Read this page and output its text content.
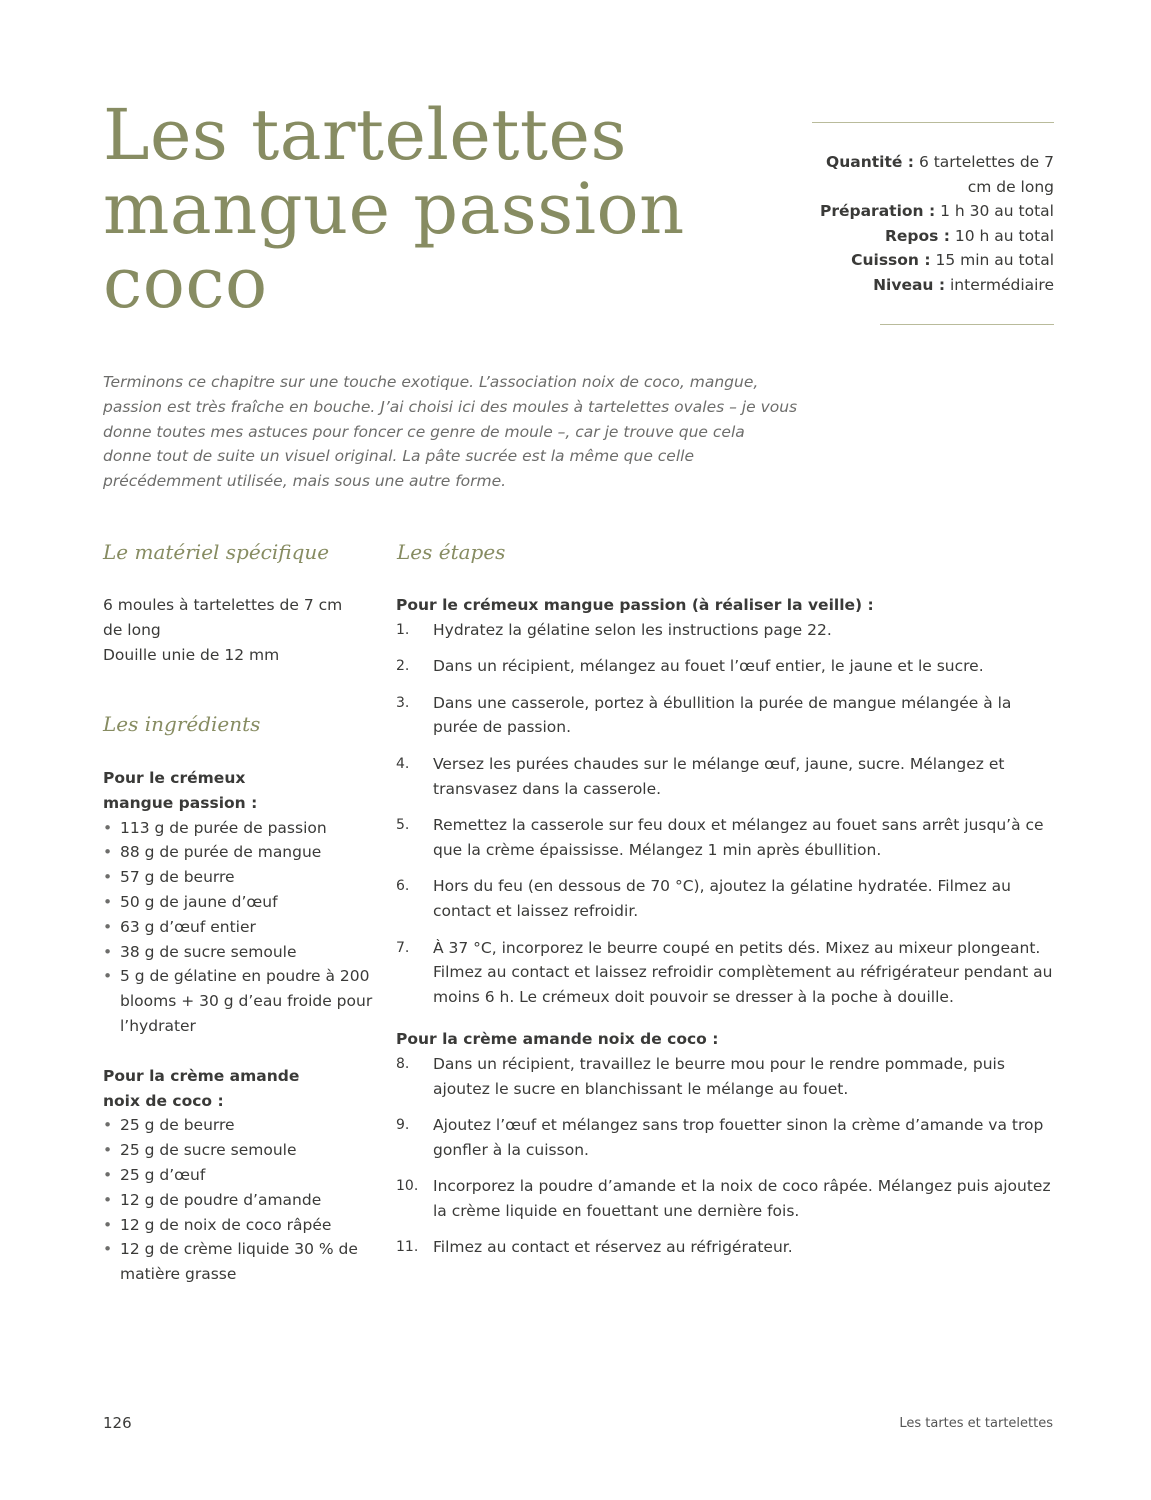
Les tartelettes
mangue passion
coco
Quantité : 6 tartelettes de 7 cm de long
Préparation : 1 h 30 au total
Repos : 10 h au total
Cuisson : 15 min au total
Niveau : intermédiaire

Terminons ce chapitre sur une touche exotique. L’association noix de coco, mangue, passion est très fraîche en bouche. J’ai choisi ici des moules à tartelettes ovales – je vous donne toutes mes astuces pour foncer ce genre de moule –, car je trouve que cela donne tout de suite un visuel original. La pâte sucrée est la même que celle précédemment utilisée, mais sous une autre forme.

Le matériel spécifique
6 moules à tartelettes de 7 cm de long
Douille unie de 12 mm
Les ingrédients
Pour le crémeux mangue passion :
• 113 g de purée de passion
• 88 g de purée de mangue
• 57 g de beurre
• 50 g de jaune d’œuf
• 63 g d’œuf entier
• 38 g de sucre semoule
• 5 g de gélatine en poudre à 200 blooms + 30 g d’eau froide pour l’hydrater
Pour la crème amande noix de coco :
• 25 g de beurre
• 25 g de sucre semoule
• 25 g d’œuf
• 12 g de poudre d’amande
• 12 g de noix de coco râpée
• 12 g de crème liquide 30 % de matière grasse
Les étapes
Pour le crémeux mangue passion (à réaliser la veille) :
1.	Hydratez la gélatine selon les instructions page 22.
2.	Dans un récipient, mélangez au fouet l’œuf entier, le jaune et le sucre.
3.	Dans une casserole, portez à ébullition la purée de mangue mélangée à la purée de passion.
4.	Versez les purées chaudes sur le mélange œuf, jaune, sucre. Mélangez et transvasez dans la casserole.
5.	Remettez la casserole sur feu doux et mélangez au fouet sans arrêt jusqu’à ce que la crème épaississe. Mélangez 1 min après ébullition.
6.	Hors du feu (en dessous de 70 °C), ajoutez la gélatine hydratée. Filmez au contact et laissez refroidir.
7.	À 37 °C, incorporez le beurre coupé en petits dés. Mixez au mixeur plongeant. Filmez au contact et laissez refroidir complètement au réfrigérateur pendant au moins 6 h. Le crémeux doit pouvoir se dresser à la poche à douille.
Pour la crème amande noix de coco :
8.	Dans un récipient, travaillez le beurre mou pour le rendre pommade, puis ajoutez le sucre en blanchissant le mélange au fouet.
9.	Ajoutez l’œuf et mélangez sans trop fouetter sinon la crème d’amande va trop gonfler à la cuisson.
10. Incorporez la poudre d’amande et la noix de coco râpée. Mélangez puis ajoutez la crème liquide en fouettant une dernière fois.
11. Filmez au contact et réservez au réfrigérateur.
126	Les tartes et tartelettes
